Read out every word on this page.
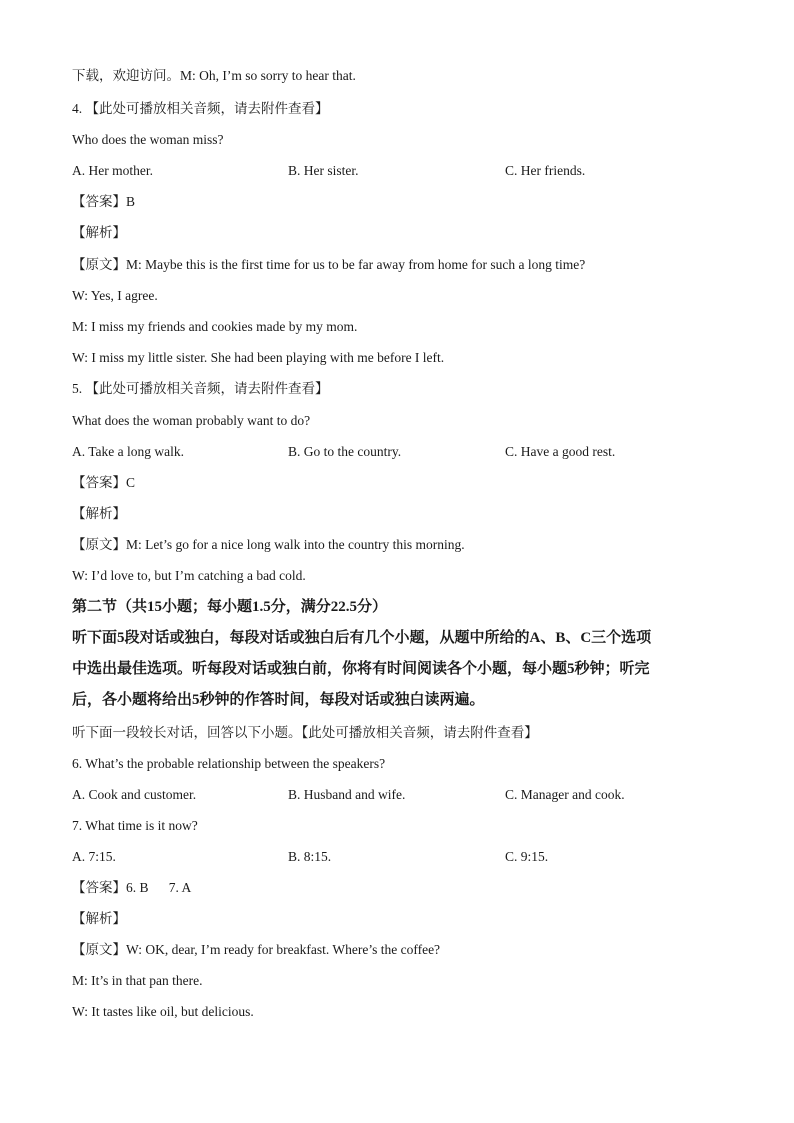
下载，欢迎访问。M: Oh, I’m so sorry to hear that.
4. 【此处可播放相关音频，请去附件查看】
Who does the woman miss?
A. Her mother.	B. Her sister.	C. Her friends.
【答案】B
【解析】
【原文】M: Maybe this is the first time for us to be far away from home for such a long time?
W: Yes, I agree.
M: I miss my friends and cookies made by my mom.
W: I miss my little sister. She had been playing with me before I left.
5. 【此处可播放相关音频，请去附件查看】
What does the woman probably want to do?
A. Take a long walk.	B. Go to the country.	C. Have a good rest.
【答案】C
【解析】
【原文】M: Let’s go for a nice long walk into the country this morning.
W: I’d love to, but I’m catching a bad cold.
第二节（共15小题；每小题1.5分，满分22.5分）
听下面5段对话或独白，每段对话或独白后有几个小题，从题中所给的A、B、C三个选项
中选出最佳选项。听每段对话或独白前，你将有时间阅读各个小题，每小题5秒钟；听完
后，各小题将给出5秒钟的作答时间，每段对话或独白读两遍。
听下面一段较长对话，回答以下小题。【此处可播放相关音频，请去附件查看】
6. What’s the probable relationship between the speakers?
A. Cook and customer.	B. Husband and wife.	C. Manager and cook.
7. What time is it now?
A. 7:15.	B. 8:15.	C. 9:15.
【答案】6. B      7. A
【解析】
【原文】W: OK, dear, I’m ready for breakfast. Where’s the coffee?
M: It’s in that pan there.
W: It tastes like oil, but delicious.
